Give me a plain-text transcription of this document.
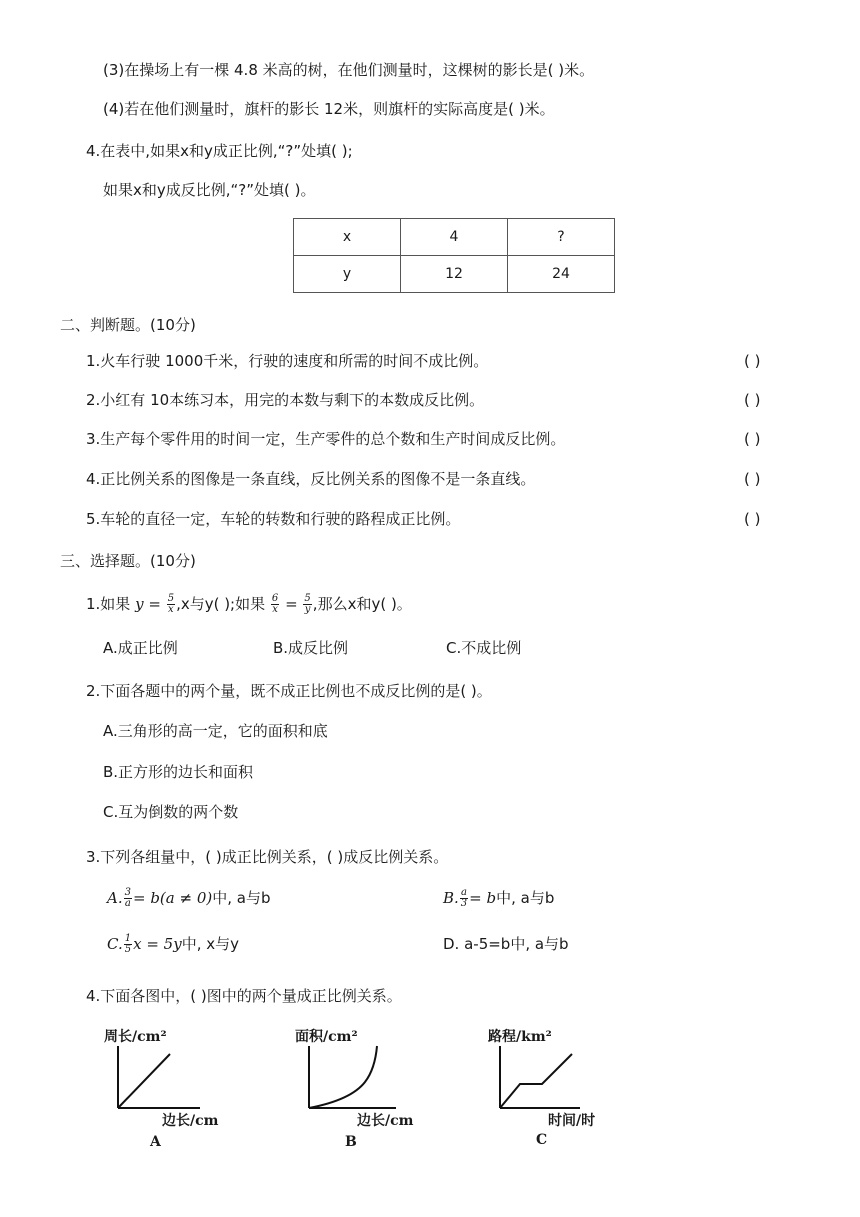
(3)在操场上有一棵 4.8 米高的树，在他们测量时，这棵树的影长是( )米。
(4)若在他们测量时，旗杆的影长 12米，则旗杆的实际高度是( )米。
4.在表中,如果x和y成正比例,“?”处填( );
如果x和y成反比例,“?”处填( )。
x	4	?
y	12	24
二、判断题。(10分)
1.火车行驶 1000千米，行驶的速度和所需的时间不成比例。	( )
2.小红有 10本练习本，用完的本数与剩下的本数成反比例。	( )
3.生产每个零件用的时间一定，生产零件的总个数和生产时间成反比例。	( )
4.正比例关系的图像是一条直线，反比例关系的图像不是一条直线。	( )
5.车轮的直径一定，车轮的转数和行驶的路程成正比例。	( )
三、选择题。(10分)
1.如果 $y = \frac{5}{x} ,x$与y( );如果 $\frac{6}{x} = \frac{5}{y}$ ,那么x和y( )。
A.成正比例	B.成反比例	C.不成比例
2.下面各题中的两个量，既不成正比例也不成反比例的是( )。
A.三角形的高一定，它的面积和底
B.正方形的边长和面积
C.互为倒数的两个数
3.下列各组量中，( )成正比例关系，( )成反比例关系。
A. $\frac{3}{a} = b(a \ne 0)$中, a与b	B. $\frac{a}{3} = b$中, a与b
C. $\frac{1}{5}$ x = 5y中, x与y	D. a-5=b中, a与b
4.下面各图中，( )图中的两个量成正比例关系。
周长/cm²
边长/cm
A
面积/cm²
边长/cm
B
路程/km²
时间/时
C
